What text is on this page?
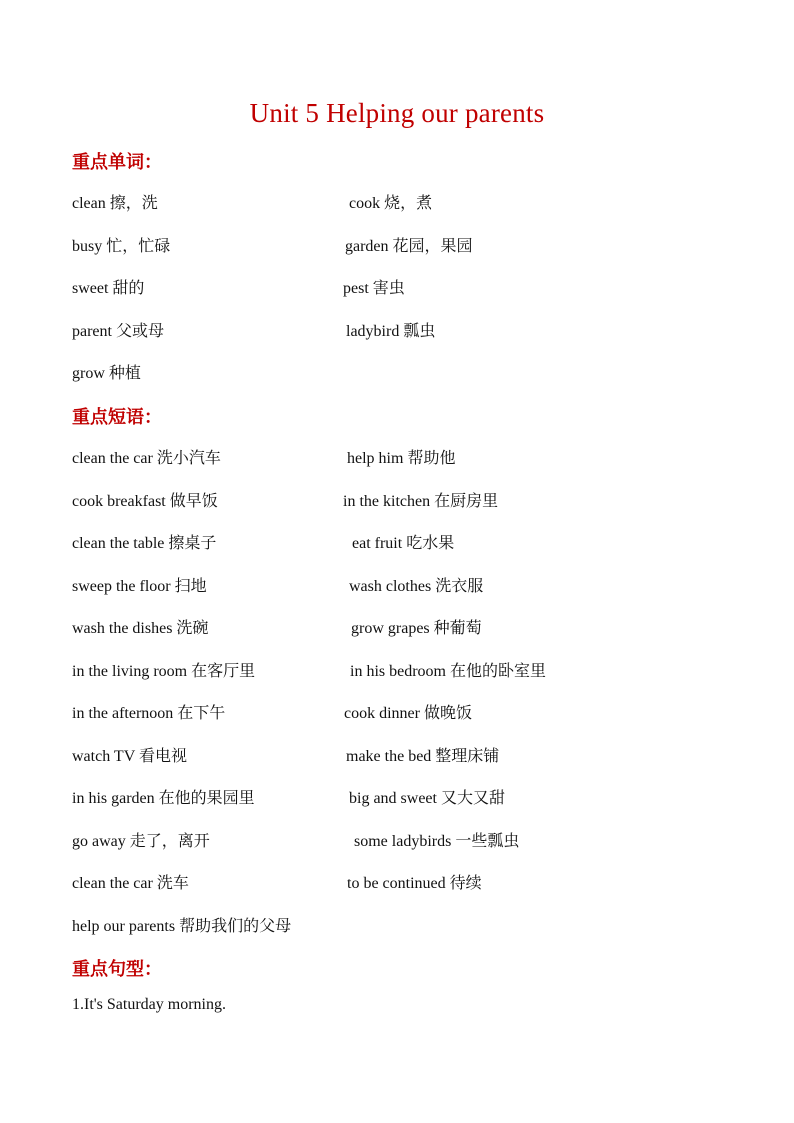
Unit 5 Helping our parents
重点单词：
clean 擦，洗	cook 烧，煮
busy 忙，忙碌	garden 花园，果园
sweet 甜的	pest 害虫
parent 父或母	ladybird 瓢虫
grow 种植
重点短语：
clean the car 洗小汽车	help him 帮助他
cook breakfast 做早饭	in the kitchen 在厨房里
clean the table 擦桌子	eat fruit 吃水果
sweep the floor 扫地	wash clothes 洗衣服
wash the dishes 洗碗	grow grapes 种葡萄
in the living room 在客厅里	in his bedroom 在他的卧室里
in the afternoon 在下午	cook dinner 做晚饭
watch TV 看电视	make the bed 整理床铺
in his garden 在他的果园里	big and sweet 又大又甜
go away 走了，离开	some ladybirds 一些瓢虫
clean the car 洗车	to be continued 待续
help our parents 帮助我们的父母
重点句型：
1.It's Saturday morning.
